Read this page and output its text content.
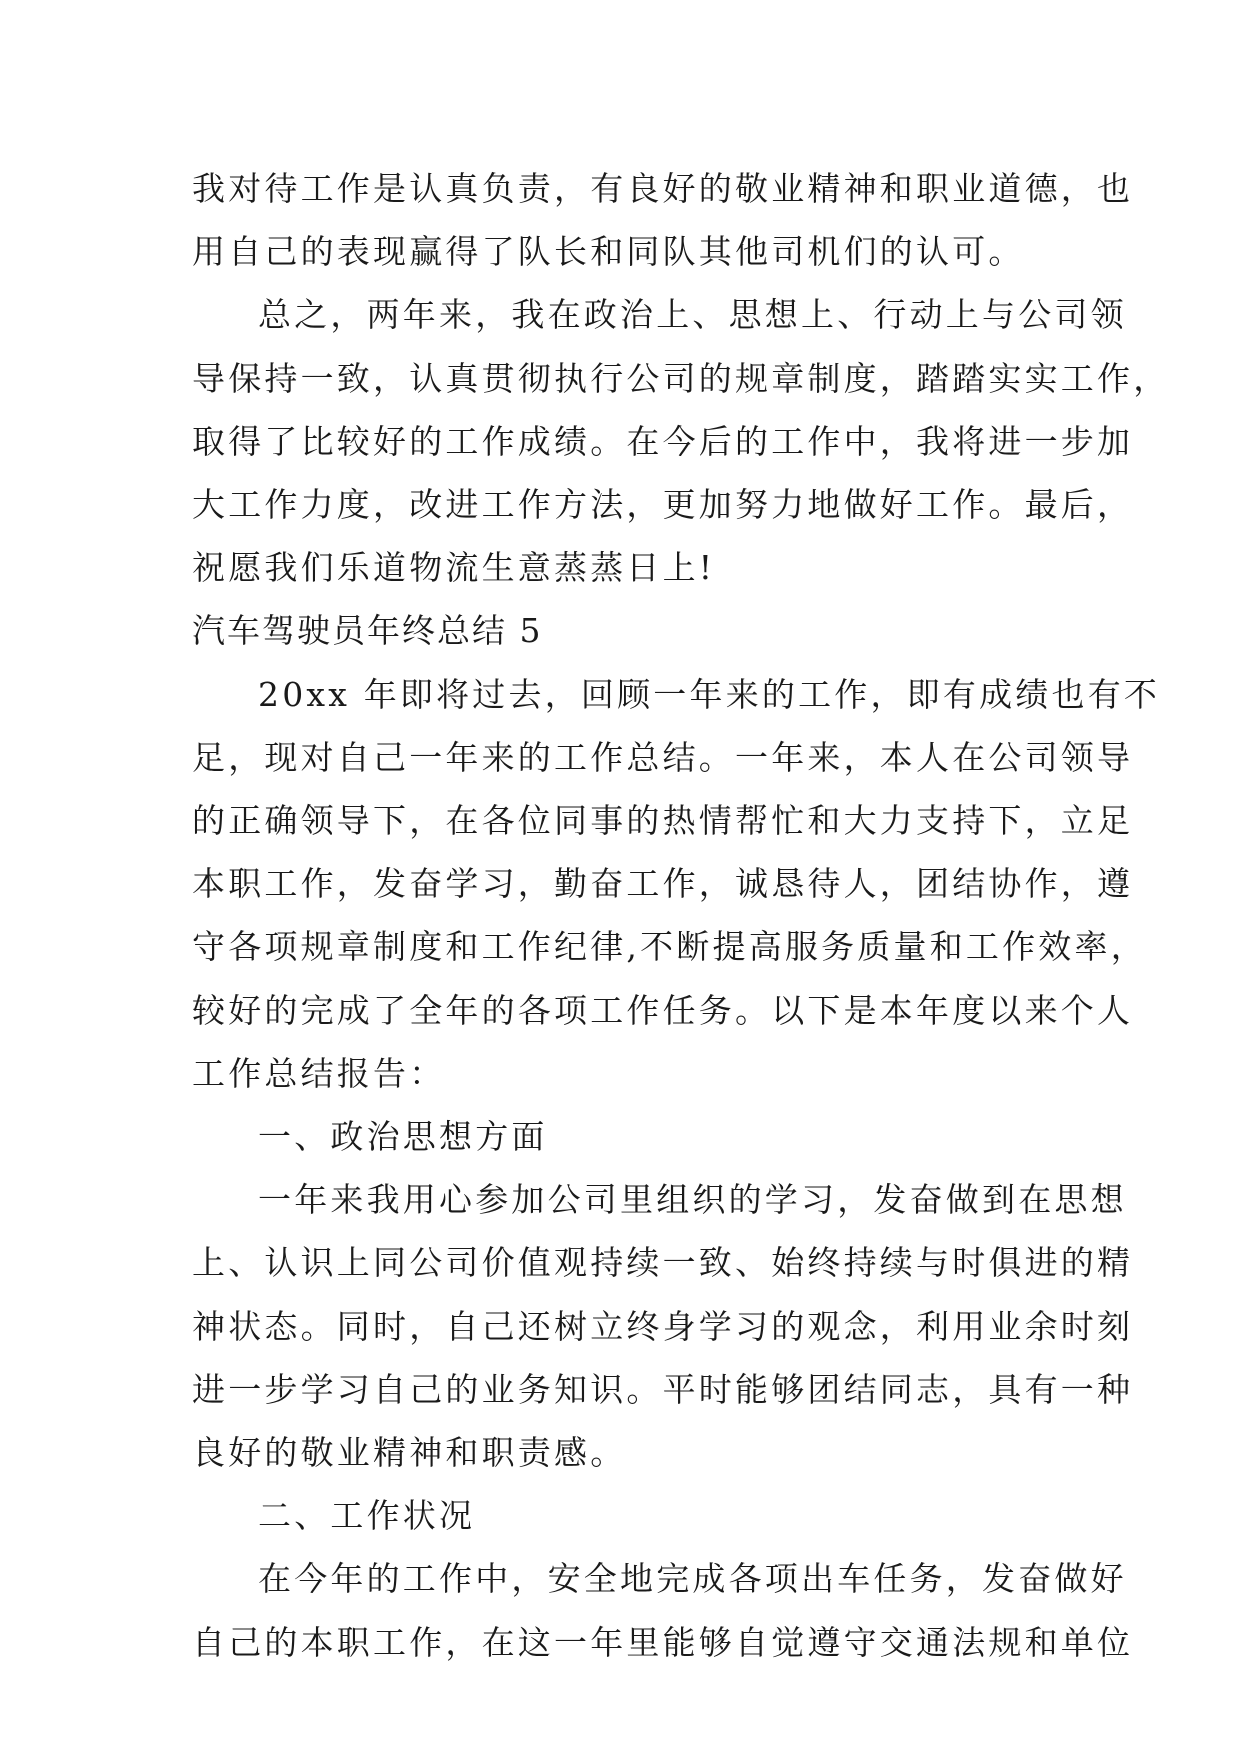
我对待工作是认真负责，有良好的敬业精神和职业道德，也
用自己的表现赢得了队长和同队其他司机们的认可。

总之，两年来，我在政治上、思想上、行动上与公司领
导保持一致，认真贯彻执行公司的规章制度，踏踏实实工作，
取得了比较好的工作成绩。在今后的工作中，我将进一步加
大工作力度，改进工作方法，更加努力地做好工作。最后，
祝愿我们乐道物流生意蒸蒸日上!

汽车驾驶员年终总结 5

20xx 年即将过去，回顾一年来的工作，即有成绩也有不
足，现对自己一年来的工作总结。一年来，本人在公司领导
的正确领导下，在各位同事的热情帮忙和大力支持下，立足
本职工作，发奋学习，勤奋工作，诚恳待人，团结协作，遵
守各项规章制度和工作纪律,不断提高服务质量和工作效率，
较好的完成了全年的各项工作任务。以下是本年度以来个人
工作总结报告：

一、政治思想方面

一年来我用心参加公司里组织的学习，发奋做到在思想
上、认识上同公司价值观持续一致、始终持续与时俱进的精
神状态。同时，自己还树立终身学习的观念，利用业余时刻
进一步学习自己的业务知识。平时能够团结同志，具有一种
良好的敬业精神和职责感。

二、工作状况

在今年的工作中，安全地完成各项出车任务，发奋做好
自己的本职工作，在这一年里能够自觉遵守交通法规和单位
